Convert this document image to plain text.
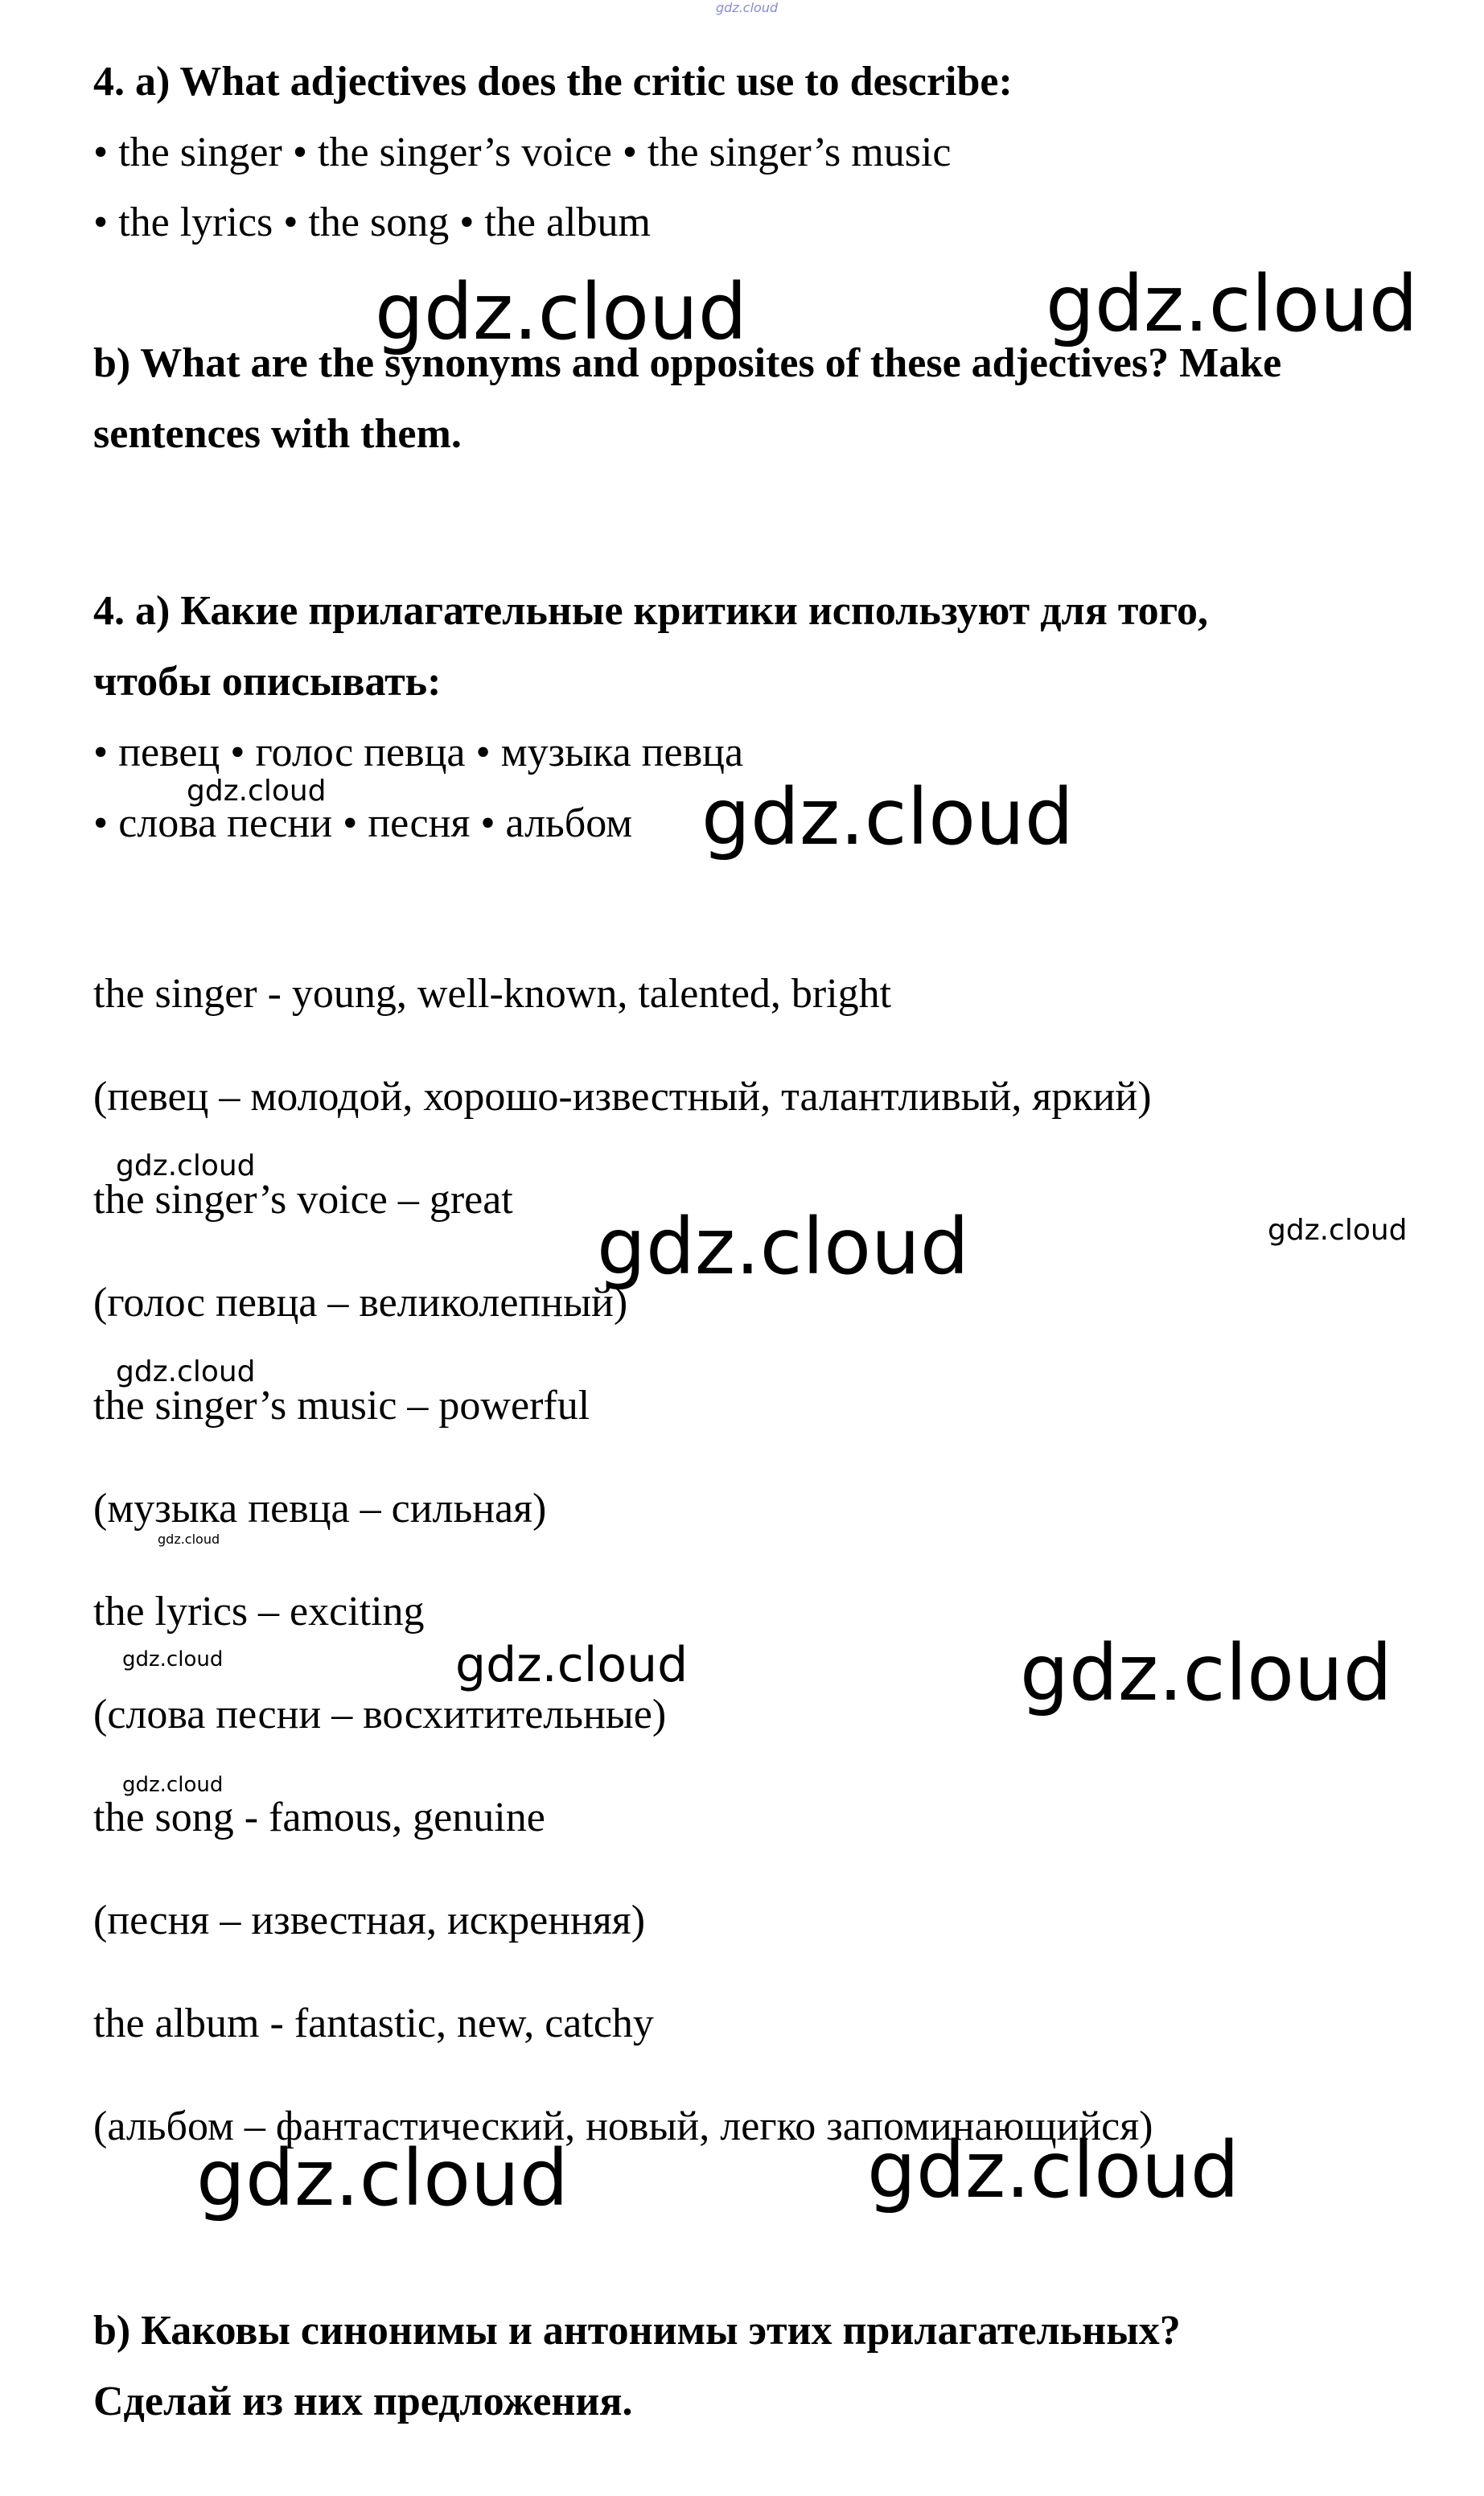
gdz.cloud
4. a) What adjectives does the critic use to describe:
• the singer • the singer’s voice • the singer’s music
• the lyrics • the song • the album
gdz.cloud	gdz.cloud
b) What are the synonyms and opposites of these adjectives? Make
sentences with them.
4. a) Какие прилагательные критики используют для того,
чтобы описывать:
• певец • голос певца • музыка певца
• слова песни • песня • альбом
gdz.cloud	gdz.cloud
the singer - young, well-known, talented, bright
(певец – молодой, хорошо-известный, талантливый, яркий)
gdz.cloud
the singer’s voice – great
gdz.cloud	gdz.cloud
(голос певца – великолепный)
gdz.cloud
the singer’s music – powerful
(музыка певца – сильная)
gdz.cloud
the lyrics – exciting
gdz.cloud	gdz.cloud	gdz.cloud
(слова песни – восхитительные)
gdz.cloud
the song - famous, genuine
(песня – известная, искренняя)
the album - fantastic, new, catchy
(альбом – фантастический, новый, легко запоминающийся)
gdz.cloud	gdz.cloud
b) Каковы синонимы и антонимы этих прилагательных?
Сделай из них предложения.
